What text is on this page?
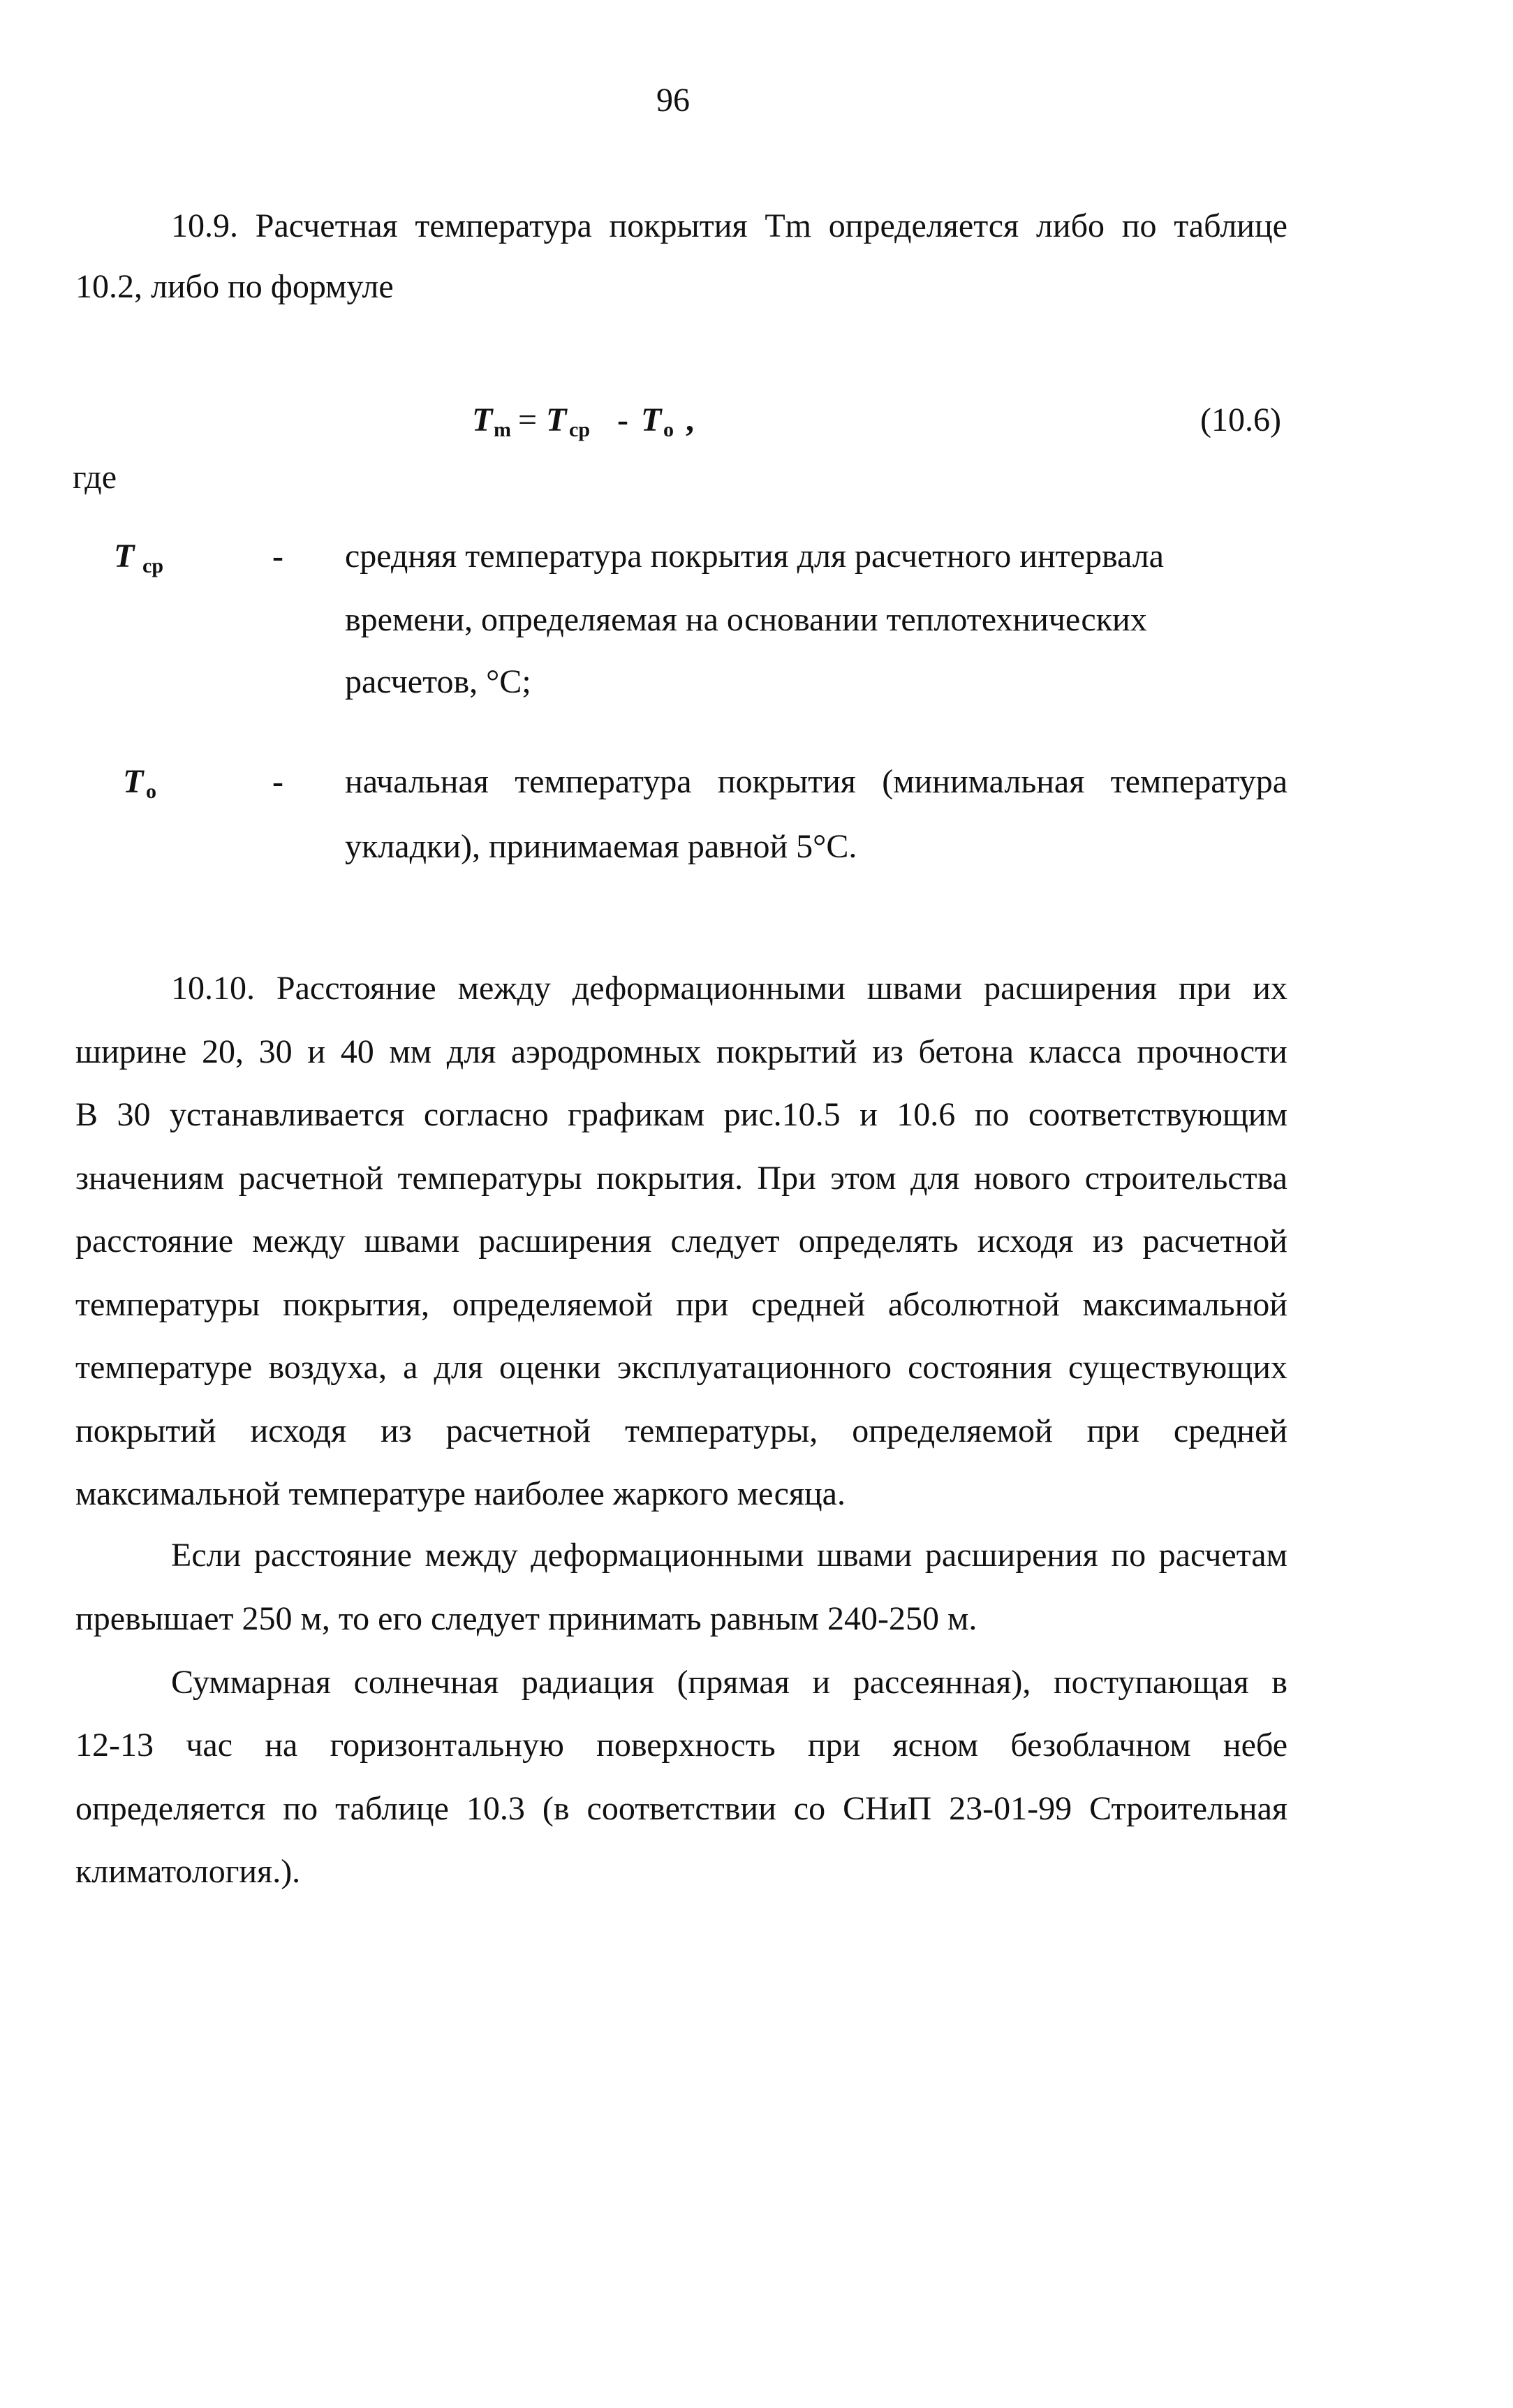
96
10.9. Расчетная температура покрытия Tm определяется либо по таблице
10.2, либо по формуле
T m = T ср - T о ,	(10.6)
где
T ср	- средняя температура покрытия для расчетного интервала
времени, определяемая на основании теплотехнических
расчетов, °С;
T о	- начальная температура покрытия (минимальная температура
укладки), принимаемая равной 5°С.
10.10. Расстояние между деформационными швами расширения при их
ширине 20, 30 и 40 мм для аэродромных покрытий из бетона класса прочности
В 30 устанавливается согласно графикам рис.10.5 и 10.6 по соответствующим
значениям расчетной температуры покрытия. При этом для нового строительства
расстояние между швами расширения следует определять исходя из расчетной
температуры покрытия, определяемой при средней абсолютной максимальной
температуре воздуха, а для оценки эксплуатационного состояния существующих
покрытий исходя из расчетной температуры, определяемой при средней
максимальной температуре наиболее жаркого месяца.
Если расстояние между деформационными швами расширения по расчетам
превышает 250 м, то его следует принимать равным 240-250 м.
Суммарная солнечная радиация (прямая и рассеянная), поступающая в
12-13 час на горизонтальную поверхность при ясном безоблачном небе
определяется по таблице 10.3 (в соответствии со СНиП 23-01-99 Строительная
климатология.).
